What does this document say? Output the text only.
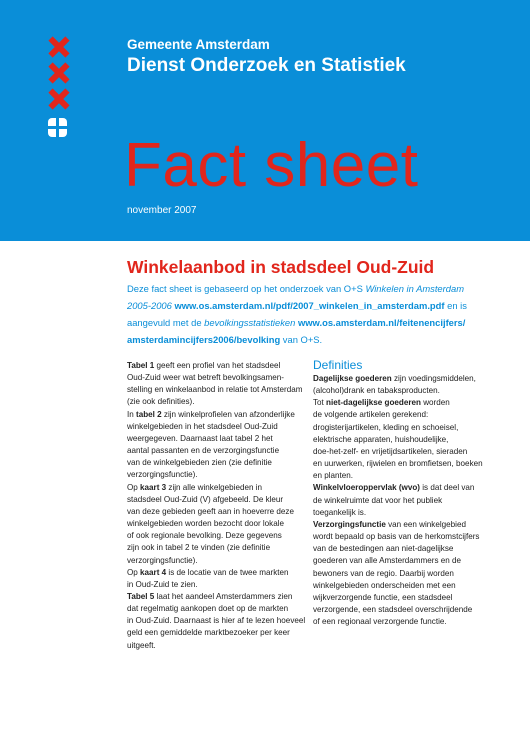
Gemeente Amsterdam
Dienst Onderzoek en Statistiek
Fact sheet
november 2007
Winkelaanbod in stadsdeel Oud-Zuid
Deze fact sheet is gebaseerd op het onderzoek van O+S Winkelen in Amsterdam
2005-2006 www.os.amsterdam.nl/pdf/2007_winkelen_in_amsterdam.pdf en is
aangevuld met de bevolkingsstatistieken www.os.amsterdam.nl/feitenencijfers/
amsterdamincijfers2006/bevolking van O+S.
Tabel 1 geeft een profiel van het stadsdeel
Oud-Zuid weer wat betreft bevolkingsamen-
stelling en winkelaanbod in relatie tot Amsterdam
(zie ook definities).
In tabel 2 zijn winkelprofielen van afzonderlijke
winkelgebieden in het stadsdeel Oud-Zuid
weergegeven. Daarnaast laat tabel 2 het
aantal passanten en de verzorgingsfunctie
van de winkelgebieden zien (zie definitie
verzorgingsfunctie).
Op kaart 3 zijn alle winkelgebieden in
stadsdeel Oud-Zuid (V) afgebeeld. De kleur
van deze gebieden geeft aan in hoeverre deze
winkelgebieden worden bezocht door lokale
of ook regionale bevolking. Deze gegevens
zijn ook in tabel 2 te vinden (zie definitie
verzorgingsfunctie).
Op kaart 4 is de locatie van de twee markten
in Oud-Zuid te zien.
Tabel 5 laat het aandeel Amsterdammers zien
dat regelmatig aankopen doet op de markten
in Oud-Zuid. Daarnaast is hier af te lezen hoeveel
geld een gemiddelde marktbezoeker per keer
uitgeeft.
Definities
Dagelijkse goederen zijn voedingsmiddelen,
(alcohol)drank en tabaksproducten.
Tot niet-dagelijkse goederen worden
de volgende artikelen gerekend:
drogisterijartikelen, kleding en schoeisel,
elektrische apparaten, huishoudelijke,
doe-het-zelf- en vrijetijdsartikelen, sieraden
en uurwerken, rijwielen en bromfietsen, boeken
en planten.
Winkelvloeroppervlak (wvo) is dat deel van
de winkelruimte dat voor het publiek
toegankelijk is.
Verzorgingsfunctie van een winkelgebied
wordt bepaald op basis van de herkomstcijfers
van de bestedingen aan niet-dagelijkse
goederen van alle Amsterdammers en de
bewoners van de regio. Daarbij worden
winkelgebieden onderscheiden met een
wijkverzorgende functie, een stadsdeel
verzorgende, een stadsdeel overschrijdende
of een regionaal verzorgende functie.
